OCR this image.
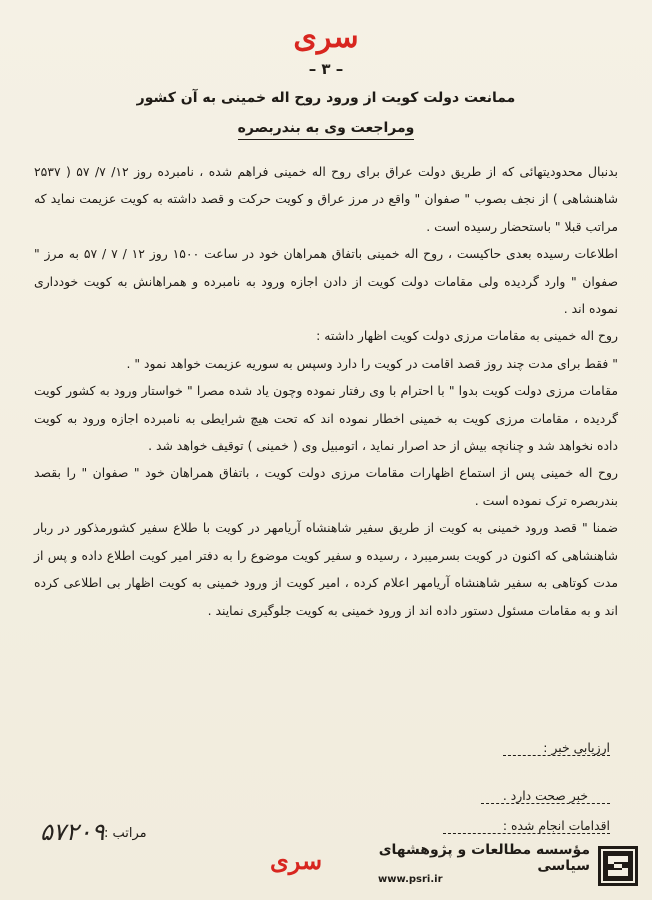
سری
– ۳ –
ممانعت دولت کویت از ورود روح اله خمینی به آن کشور
ومراجعت وی به بندربصره

بدنبال محدودیتهائی که از طریق دولت عراق برای روح اله خمینی فراهم شده ، نامبرده روز ۱۲/ ۷/ ۵۷ ( ۲۵۳۷ شاهنشاهی ) از نجف بصوب " صفوان " واقع در مرز عراق و کویت حرکت و قصد داشته به کویت عزیمت نماید که مراتب قبلا " باستحضار رسیده است .

اطلاعات رسیده بعدی حاکیست ، روح اله خمینی باتفاق همراهان خود در ساعت ۱۵۰۰ روز ۱۲ / ۷ / ۵۷ به مرز " صفوان " وارد گردیده ولی مقامات دولت کویت از دادن اجازه ورود به نامبرده و همراهانش به کویت خودداری نموده اند .

روح اله خمینی به مقامات مرزی دولت کویت اظهار داشته :

" فقط برای مدت چند روز قصد اقامت در کویت را دارد وسپس به سوریه عزیمت خواهد نمود " .

مقامات مرزی دولت کویت بدوا " با احترام با وی رفتار نموده وچون یاد شده مصرا " خواستار ورود به کشور کویت گردیده ، مقامات مرزی کویت به خمینی اخطار نموده اند که تحت هیچ شرایطی به نامبرده اجازه ورود به کویت داده نخواهد شد و چنانچه بیش از حد اصرار نماید ، اتومبیل وی ( خمینی ) توقیف خواهد شد .

روح اله خمینی پس از استماع اظهارات مقامات مرزی دولت کویت ، باتفاق همراهان خود " صفوان " را بقصد بندربصره ترک نموده است .

ضمنا " قصد ورود خمینی به کویت از طریق سفیر شاهنشاه آریامهر در کویت با طلاع سفیر کشورمذکور در ربار شاهنشاهی که اکنون در کویت بسرمیبرد ، رسیده و سفیر کویت موضوع را به دفتر امیر کویت اطلاع داده و پس از مدت کوتاهی به سفیر شاهنشاه آریامهر اعلام کرده ، امیر کویت از ورود خمینی به کویت اظهار بی اطلاعی کرده اند و به مقامات مسئول دستور داده اند از ورود خمینی به کویت جلوگیری نمایند .

ارزیابی خبر :
خبر صحت دارد .
اقدامات انجام شده :
مراتب :
۵۷۲۰۹
سری	مؤسسه مطالعات و پژوهشهای سیاسی
www.psri.ir
